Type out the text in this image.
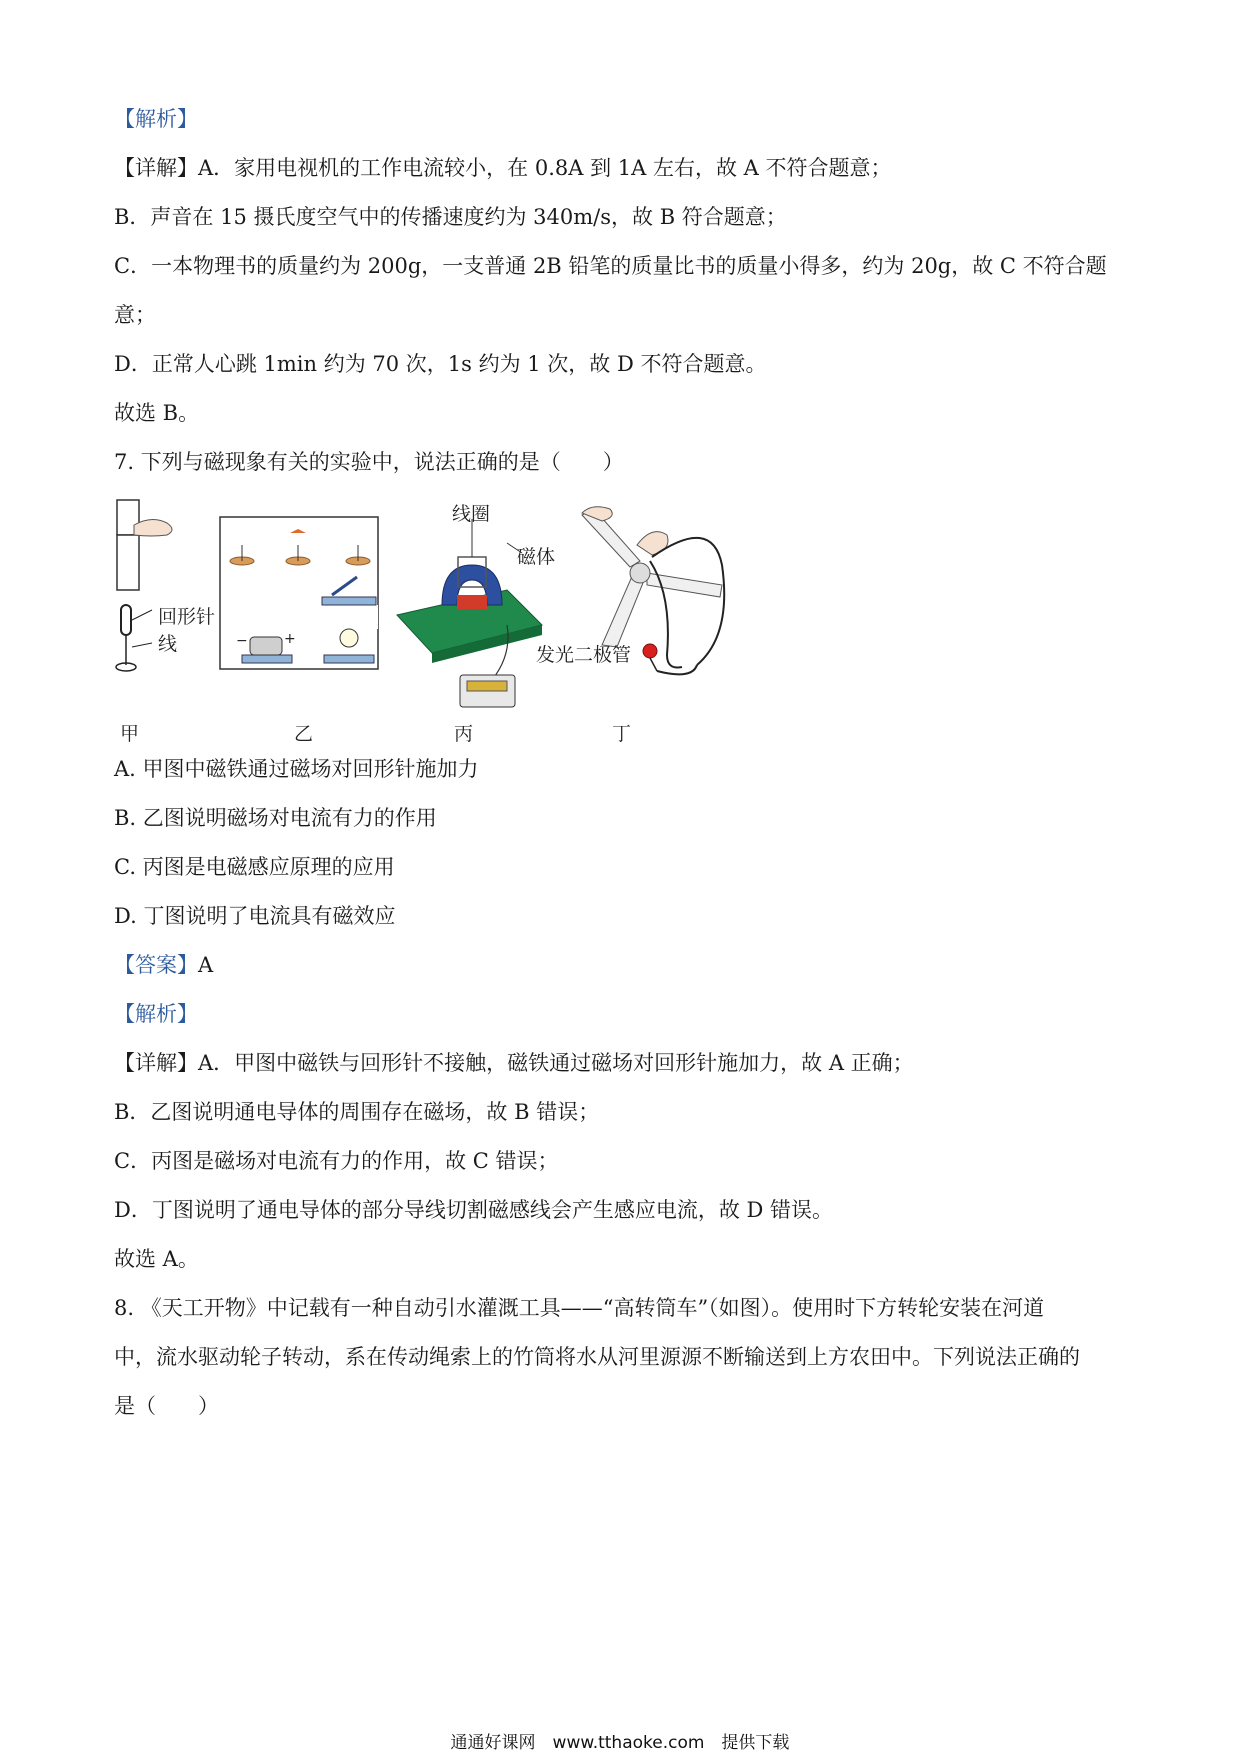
【解析】
【详解】A．家用电视机的工作电流较小，在 0.8A 到 1A 左右，故 A 不符合题意；
B．声音在 15 摄氏度空气中的传播速度约为 340m/s，故 B 符合题意；
C．一本物理书的质量约为 200g，一支普通 2B 铅笔的质量比书的质量小得多，约为 20g，故 C 不符合题
意；
D．正常人心跳 1min 约为 70 次，1s 约为 1 次，故 D 不符合题意。
故选 B。
7. 下列与磁现象有关的实验中，说法正确的是（　　）
回形针
线	−	+
线圈
磁体
发光二极管
甲	乙	丙	丁
A. 甲图中磁铁通过磁场对回形针施加力
B. 乙图说明磁场对电流有力的作用
C. 丙图是电磁感应原理的应用
D. 丁图说明了电流具有磁效应
【答案】A
【解析】
【详解】A．甲图中磁铁与回形针不接触，磁铁通过磁场对回形针施加力，故 A 正确；
B．乙图说明通电导体的周围存在磁场，故 B 错误；
C．丙图是磁场对电流有力的作用，故 C 错误；
D．丁图说明了通电导体的部分导线切割磁感线会产生感应电流，故 D 错误。
故选 A。
8. 《天工开物》中记载有一种自动引水灌溉工具——“高转筒车”（如图）。使用时下方转轮安装在河道
中，流水驱动轮子转动，系在传动绳索上的竹筒将水从河里源源不断输送到上方农田中。下列说法正确的
是（　　）
通通好课网　www.tthaoke.com　提供下载
